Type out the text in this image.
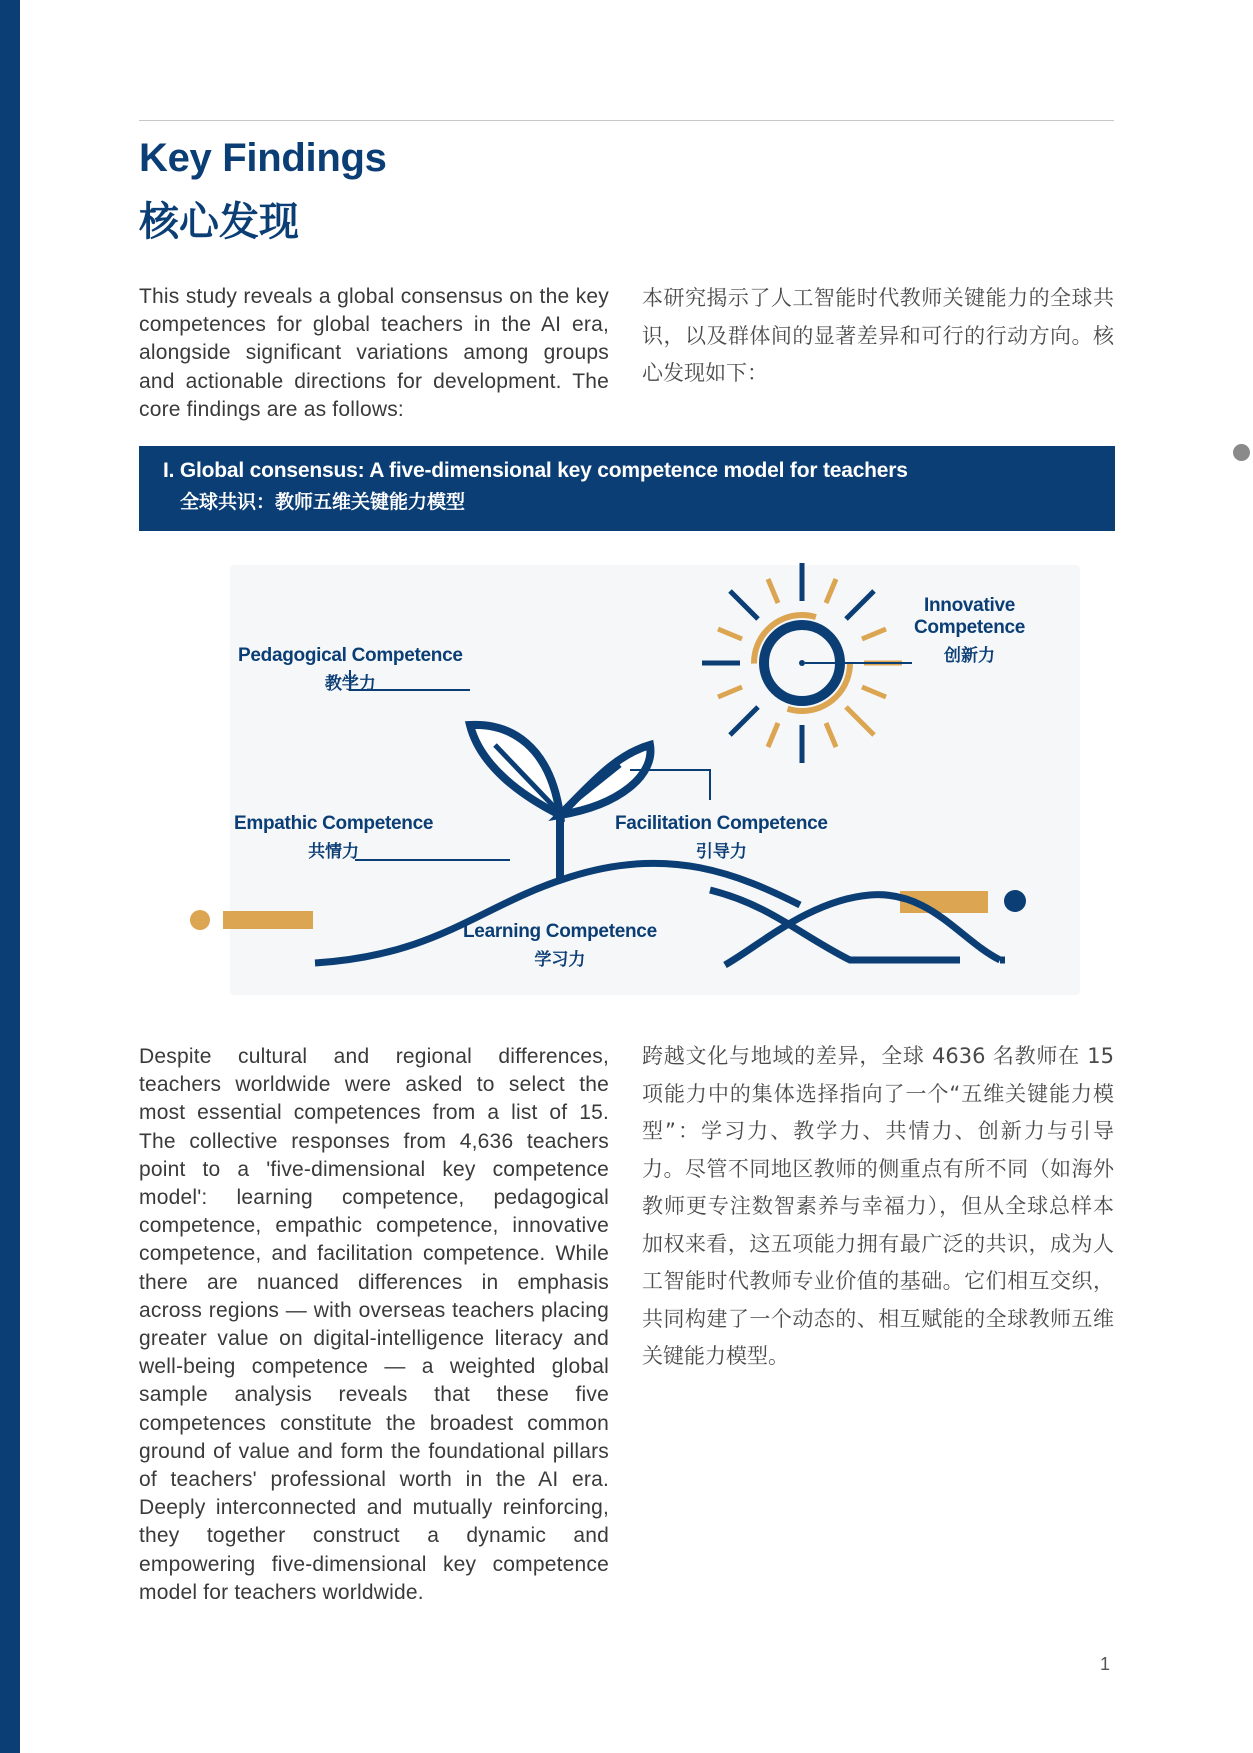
Key Findings
核心发现

This study reveals a global consensus on the key competences for global teachers in the AI era, alongside significant variations among groups and actionable directions for development. The core findings are as follows:

本研究揭示了人工智能时代教师关键能力的全球共识，以及群体间的显著差异和可行的行动方向。核心发现如下：

I. Global consensus: A five-dimensional key competence model for teachers
全球共识：教师五维关键能力模型
Pedagogical Competence
教学力
Empathic Competence
共情力
Facilitation Competence
引导力
Innovative
Competence
创新力
Learning Competence
学习力

Despite cultural and regional differences, teachers worldwide were asked to select the most essential competences from a list of 15. The collective responses from 4,636 teachers point to a 'five-dimensional key competence model': learning competence, pedagogical competence, empathic competence, innovative competence, and facilitation competence. While there are nuanced differences in emphasis across regions — with overseas teachers placing greater value on digital-intelligence literacy and well-being competence — a weighted global sample analysis reveals that these five competences constitute the broadest common ground of value and form the foundational pillars of teachers' professional worth in the AI era. Deeply interconnected and mutually reinforcing, they together construct a dynamic and empowering five-dimensional key competence model for teachers worldwide.

跨越文化与地域的差异，全球 4636 名教师在 15 项能力中的集体选择指向了一个“五维关键能力模型”：学习力、教学力、共情力、创新力与引导力。尽管不同地区教师的侧重点有所不同（如海外教师更专注数智素养与幸福力），但从全球总样本加权来看，这五项能力拥有最广泛的共识，成为人工智能时代教师专业价值的基础。它们相互交织，共同构建了一个动态的、相互赋能的全球教师五维关键能力模型。

1
